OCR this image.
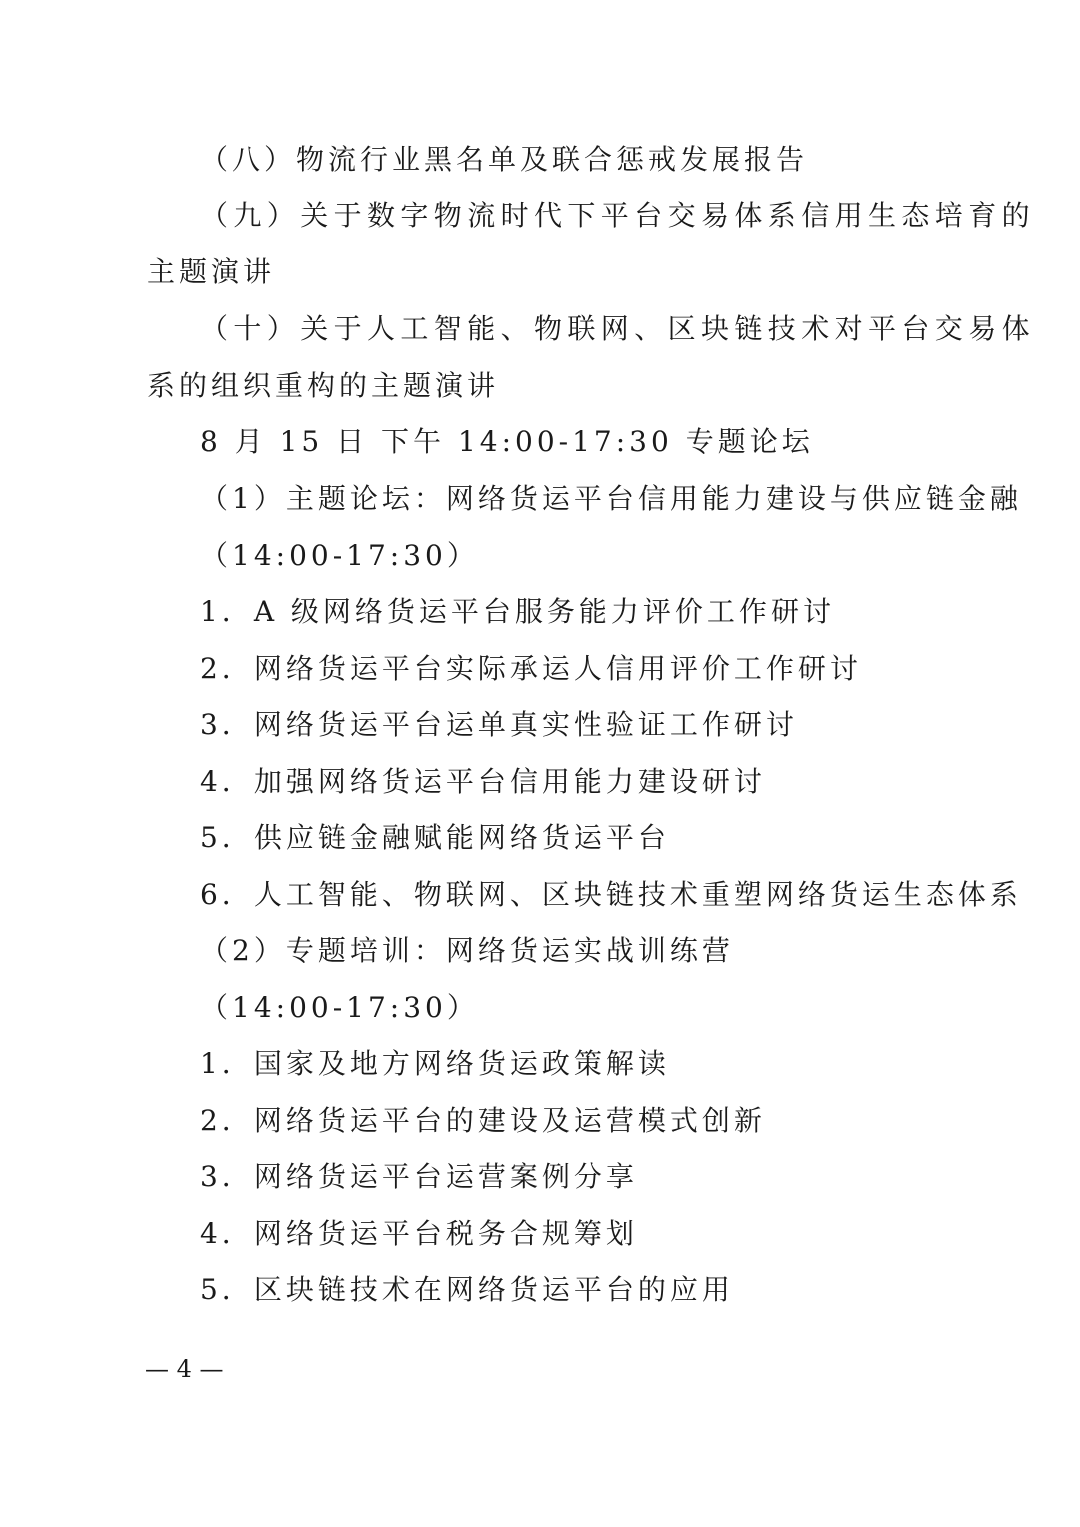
（八）物流行业黑名单及联合惩戒发展报告
（九）关于数字物流时代下平台交易体系信用生态培育的
主题演讲
（十）关于人工智能、物联网、区块链技术对平台交易体
系的组织重构的主题演讲
8 月 15 日 下午 14:00-17:30 专题论坛
（1）主题论坛：网络货运平台信用能力建设与供应链金融
（14:00-17:30）
1．A 级网络货运平台服务能力评价工作研讨
2．网络货运平台实际承运人信用评价工作研讨
3．网络货运平台运单真实性验证工作研讨
4．加强网络货运平台信用能力建设研讨
5．供应链金融赋能网络货运平台
6．人工智能、物联网、区块链技术重塑网络货运生态体系
（2）专题培训：网络货运实战训练营
（14:00-17:30）
1．国家及地方网络货运政策解读
2．网络货运平台的建设及运营模式创新
3．网络货运平台运营案例分享
4．网络货运平台税务合规筹划
5．区块链技术在网络货运平台的应用
— 4 —
